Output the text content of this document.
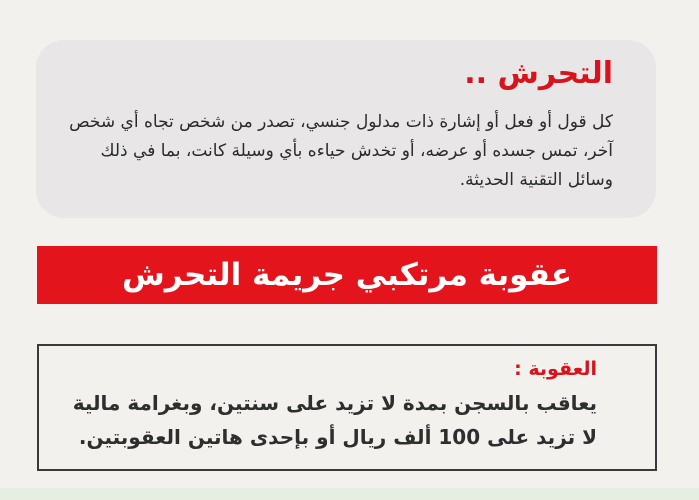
التحرش ..

كل قول أو فعل أو إشارة ذات مدلول جنسي، تصدر من شخص تجاه أي شخص آخر، تمس جسده أو عرضه، أو تخدش حياءه بأي وسيلة كانت، بما في ذلك وسائل التقنية الحديثة.

عقوبة مرتكبي جريمة التحرش
العقوبة :

يعاقب بالسجن بمدة لا تزيد على سنتين، وبغرامة مالية لا تزيد على 100 ألف ريال أو بإحدى هاتين العقوبتين.
